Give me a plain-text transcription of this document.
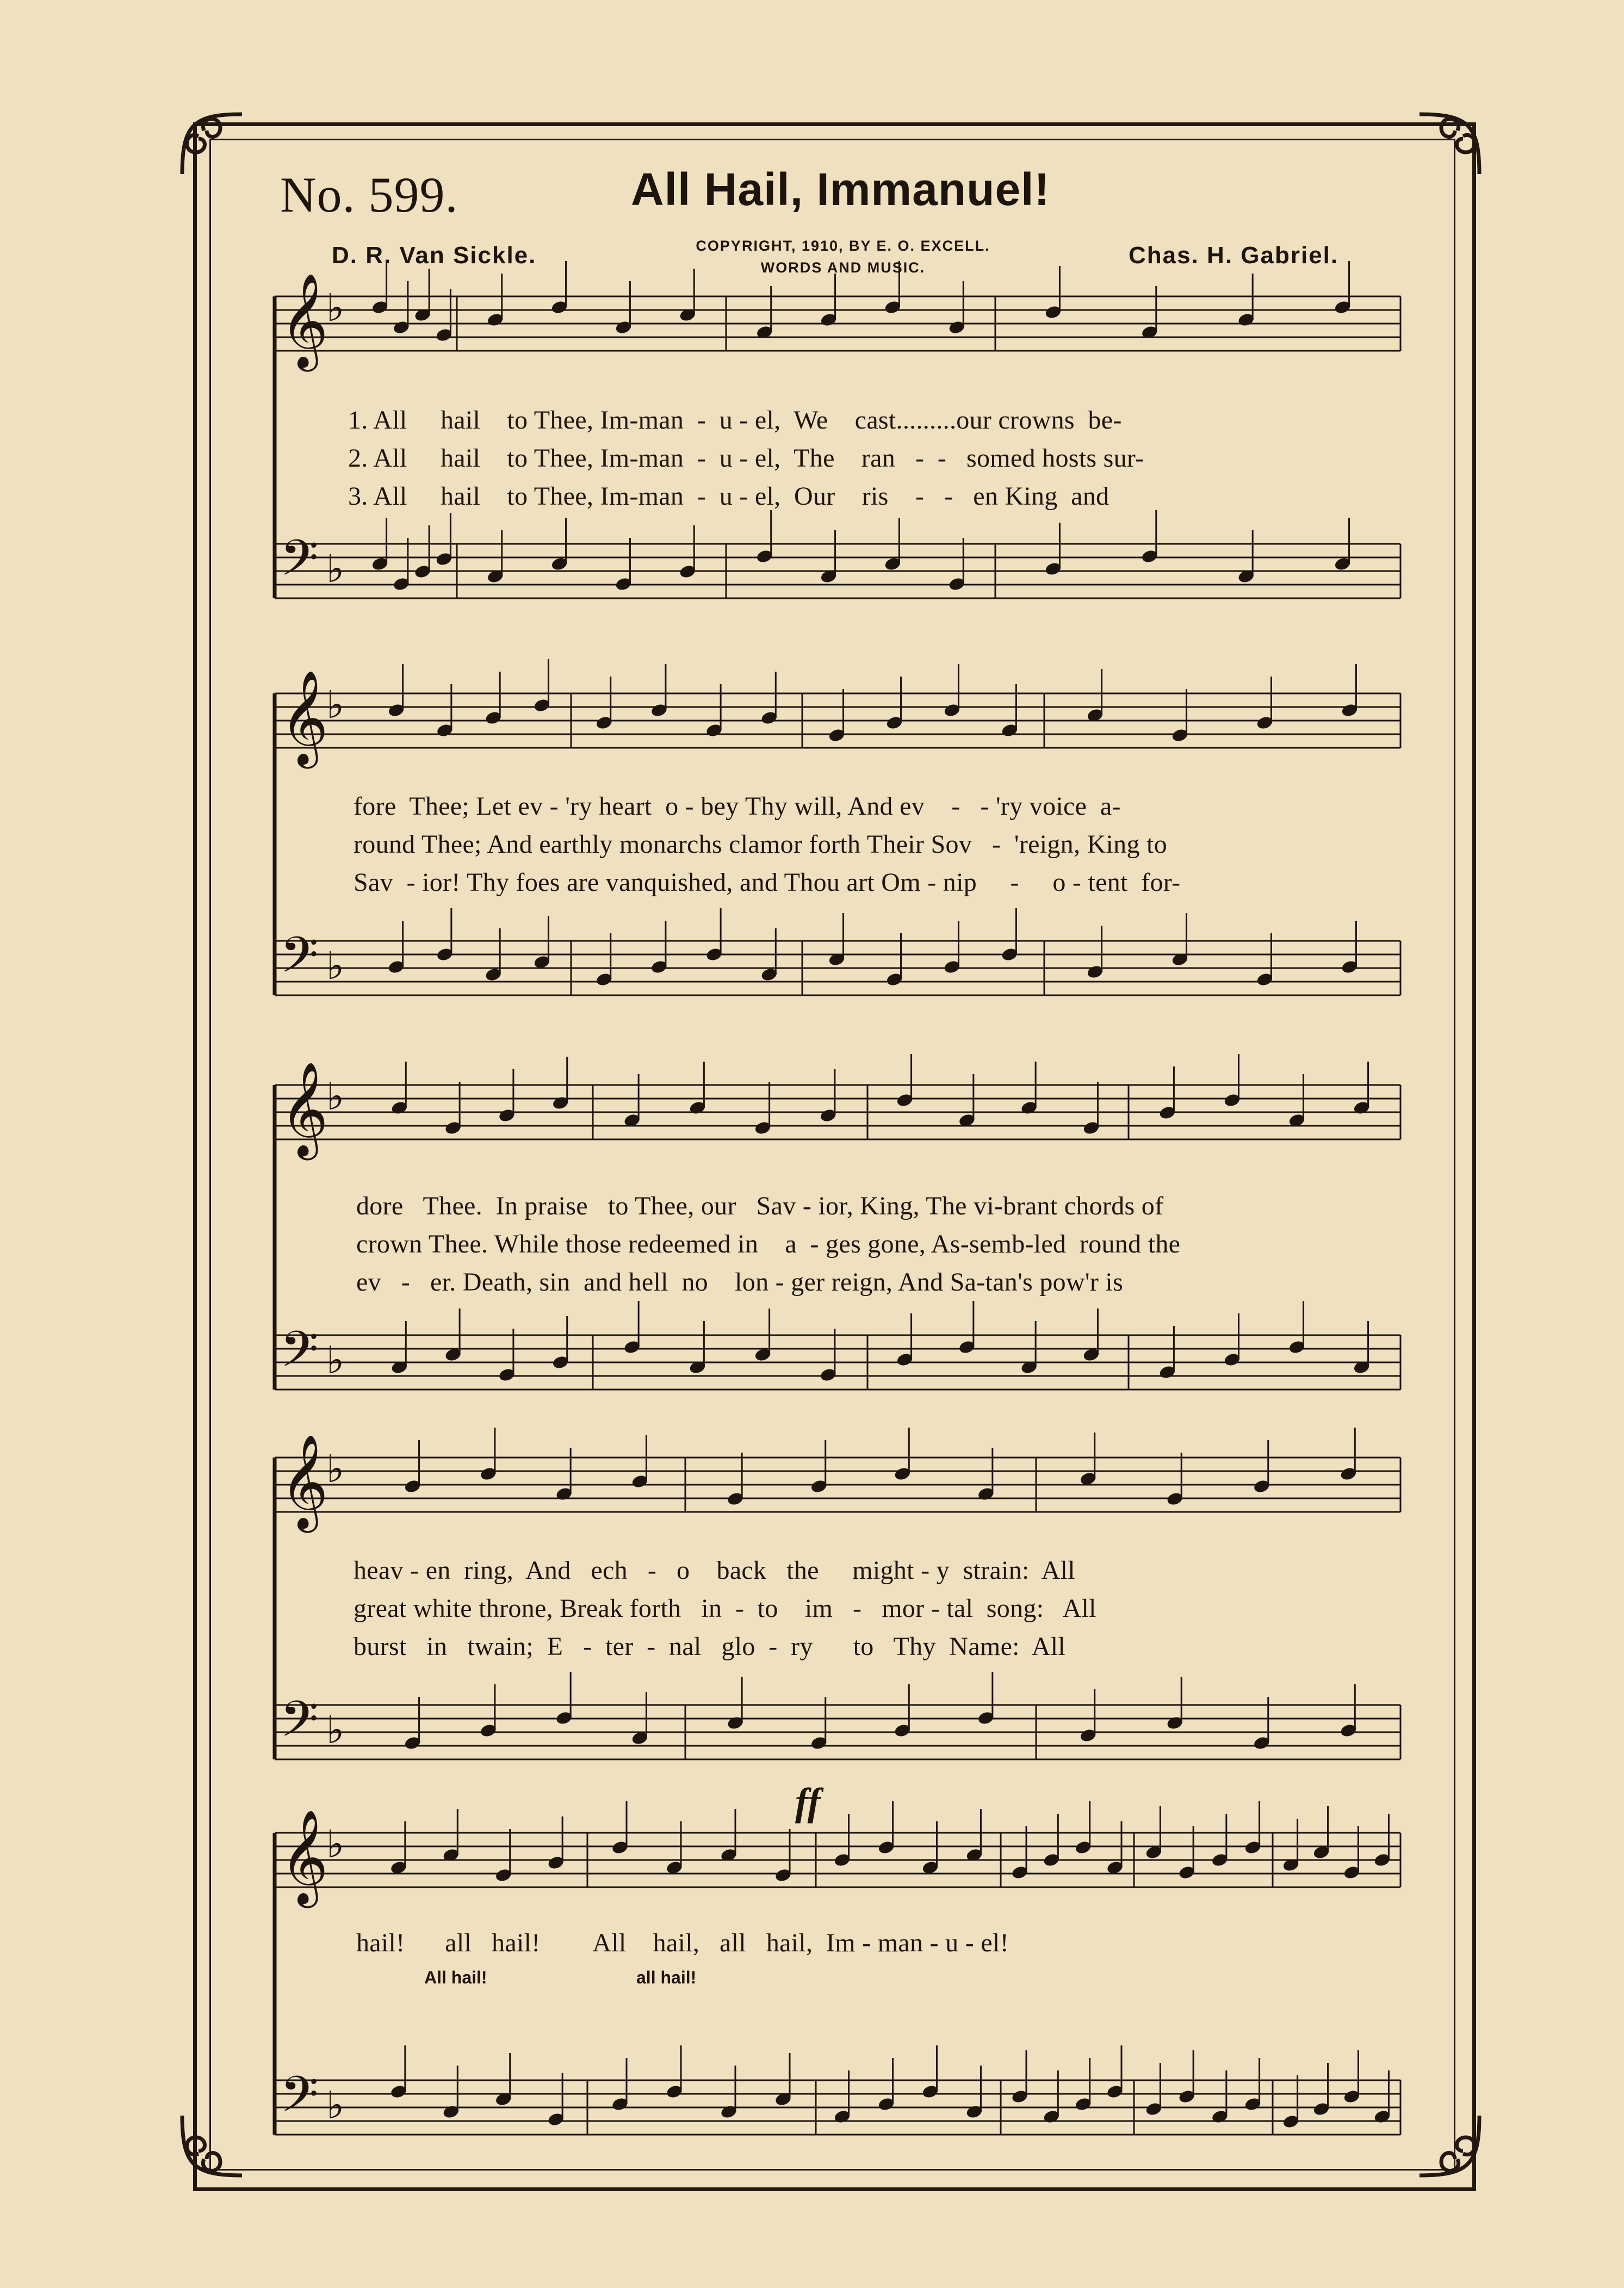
No. 599.	All Hail, Immanuel!
D. R. Van Sickle.	COPYRIGHT, 1910, BY E. O. EXCELL.
WORDS AND MUSIC.	Chas. H. Gabriel.
𝄞
♭
𝄢 ♭
𝄞
♭
𝄢 ♭
𝄞
♭
𝄢 ♭
𝄞
♭
𝄢 ♭
𝄞
♭
𝄢 ♭
1. All     hail    to Thee, Im-man  -  u - el,  We    cast.........our crowns  be-
2. All     hail    to Thee, Im-man  -  u - el,  The    ran   -  -   somed hosts sur-
3. All     hail    to Thee, Im-man  -  u - el,  Our    ris    -   -   en King  and
fore  Thee; Let ev - 'ry heart  o - bey Thy will, And ev    -   - 'ry voice  a-
round Thee; And earthly monarchs clamor forth Their Sov   -  'reign, King to
Sav  - ior! Thy foes are vanquished, and Thou art Om - nip     -     o - tent  for-
dore   Thee.  In praise   to Thee, our   Sav - ior, King, The vi-brant chords of
crown Thee. While those redeemed in    a  - ges gone, As-semb-led  round the
ev   -   er. Death, sin  and hell  no    lon - ger reign, And Sa-tan's pow'r is
heav - en  ring,  And   ech   -   o    back   the     might - y  strain:  All
great white throne, Break forth   in  -  to    im   -   mor - tal  song:   All
burst   in   twain;  E   -  ter  -  nal   glo  -  ry      to   Thy  Name:  All
hail!      all   hail!        All    hail,   all   hail,  Im - man - u - el!
All hail!	all hail!
ff
